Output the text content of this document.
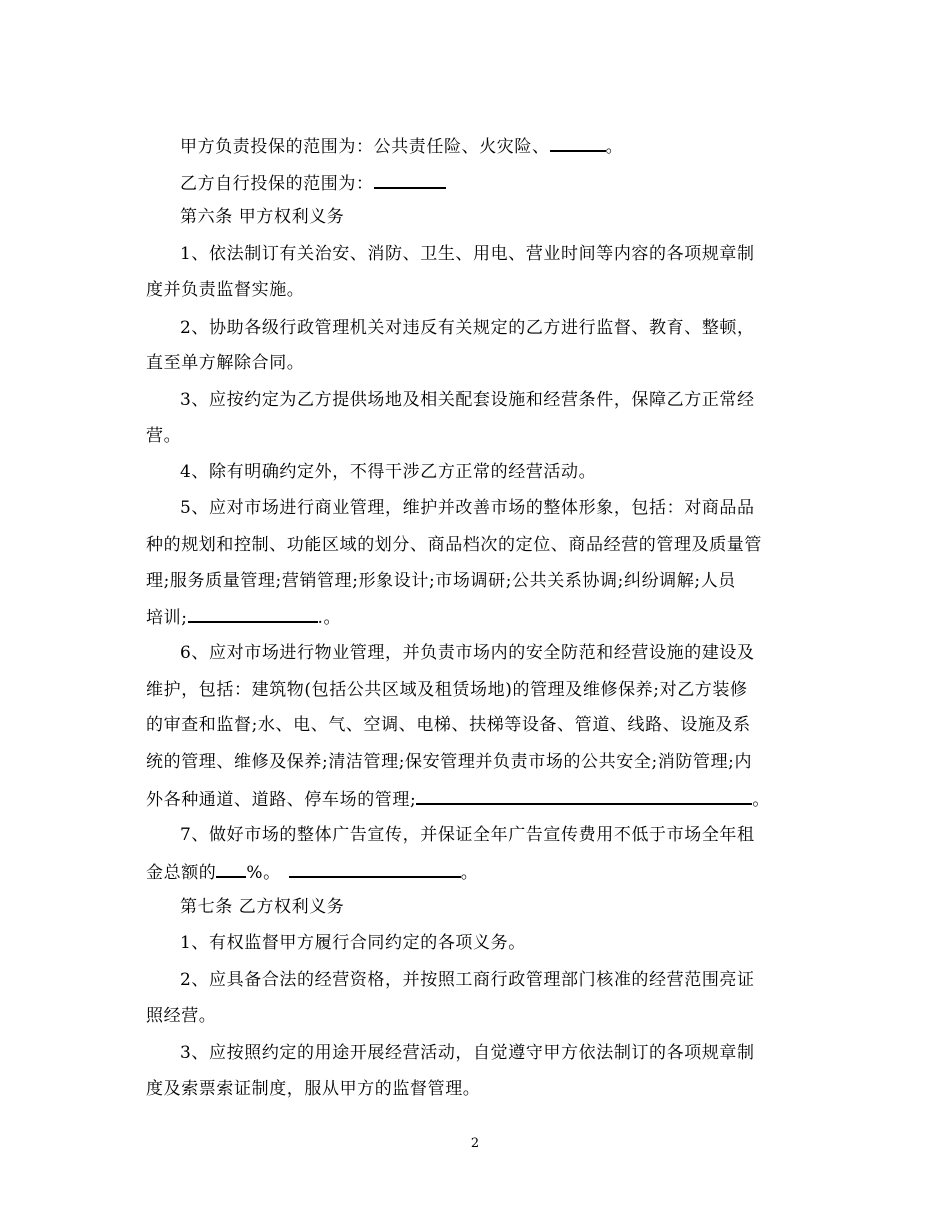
甲方负责投保的范围为：公共责任险、火灾险、	。
乙方自行投保的范围为：
第六条 甲方权利义务
1、依法制订有关治安、消防、卫生、用电、营业时间等内容的各项规章制
度并负责监督实施。
2、协助各级行政管理机关对违反有关规定的乙方进行监督、教育、整顿，
直至单方解除合同。
3、应按约定为乙方提供场地及相关配套设施和经营条件，保障乙方正常经
营。
4、除有明确约定外，不得干涉乙方正常的经营活动。
5、应对市场进行商业管理，维护并改善市场的整体形象，包括：对商品品
种的规划和控制、功能区域的划分、商品档次的定位、商品经营的管理及质量管
理;服务质量管理;营销管理;形象设计;市场调研;公共关系协调;纠纷调解;人员
培训;	.。
6、应对市场进行物业管理，并负责市场内的安全防范和经营设施的建设及
维护，包括：建筑物(包括公共区域及租赁场地)的管理及维修保养;对乙方装修
的审查和监督;水、电、气、空调、电梯、扶梯等设备、管道、线路、设施及系
统的管理、维修及保养;清洁管理;保安管理并负责市场的公共安全;消防管理;内
外各种通道、道路、停车场的管理;	。
7、做好市场的整体广告宣传，并保证全年广告宣传费用不低于市场全年租
金总额的 %。	。
第七条 乙方权利义务
1、有权监督甲方履行合同约定的各项义务。
2、应具备合法的经营资格，并按照工商行政管理部门核准的经营范围亮证
照经营。
3、应按照约定的用途开展经营活动，自觉遵守甲方依法制订的各项规章制
度及索票索证制度，服从甲方的监督管理。
2
